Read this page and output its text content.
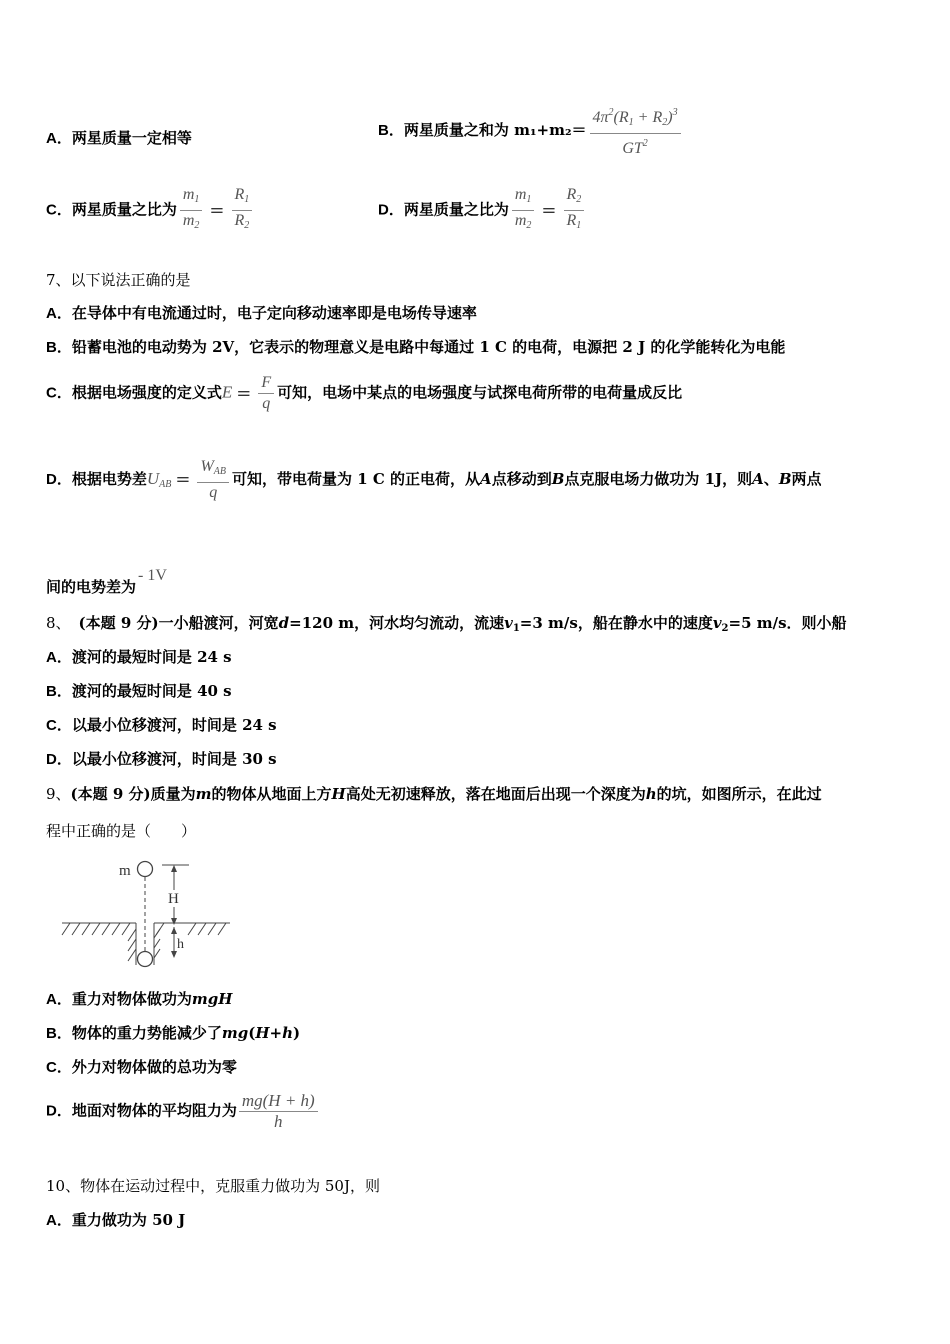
A．两星质量一定相等	B．两星质量之和为 $m_1+m_2= \frac{4\pi^2(R_1 + R_2)^3}{GT^2}$
C．两星质量之比为 $\frac{m_1}{m_2} = \frac{R_1}{R_2}$	D．两星质量之比为 $\frac{m_1}{m_2} = \frac{R_2}{R_1}$
7、以下说法正确的是
A．在导体中有电流通过时，电子定向移动速率即是电场传导速率
B．铅蓄电池的电动势为 2V，它表示的物理意义是电路中每通过 1 C 的电荷，电源把 2 J 的化学能转化为电能
C．根据电场强度的定义式$E = \frac{F}{q}$ 可知，电场中某点的电场强度与试探电荷所带的电荷量成反比
D．根据电势差$U_{AB} = \frac{W_{AB}}{q}$ 可知，带电荷量为 1 C 的正电荷，从A点移动到B点克服电场力做功为 1J，则A、B两点
间的电势差为- 1V
8、 (本题 9 分)一小船渡河，河宽d=120 m，河水均匀流动，流速$v_1=3$ m/s，船在静水中的速度$v_2=5$ m/s．则小船
A．渡河的最短时间是 24 s
B．渡河的最短时间是 40 s
C．以最小位移渡河，时间是 24 s
D．以最小位移渡河，时间是 30 s
9、(本题 9 分)质量为m的物体从地面上方H高处无初速释放，落在地面后出现一个深度为h的坑，如图所示，在此过
程中正确的是（　　）
m
H
h
A．重力对物体做功为mgH
B．物体的重力势能减少了mg(H+h)
C．外力对物体做的总功为零
D．地面对物体的平均阻力为 $\frac{mg(H + h)}{h}$
10、物体在运动过程中，克服重力做功为 50J，则
A．重力做功为 50 J
